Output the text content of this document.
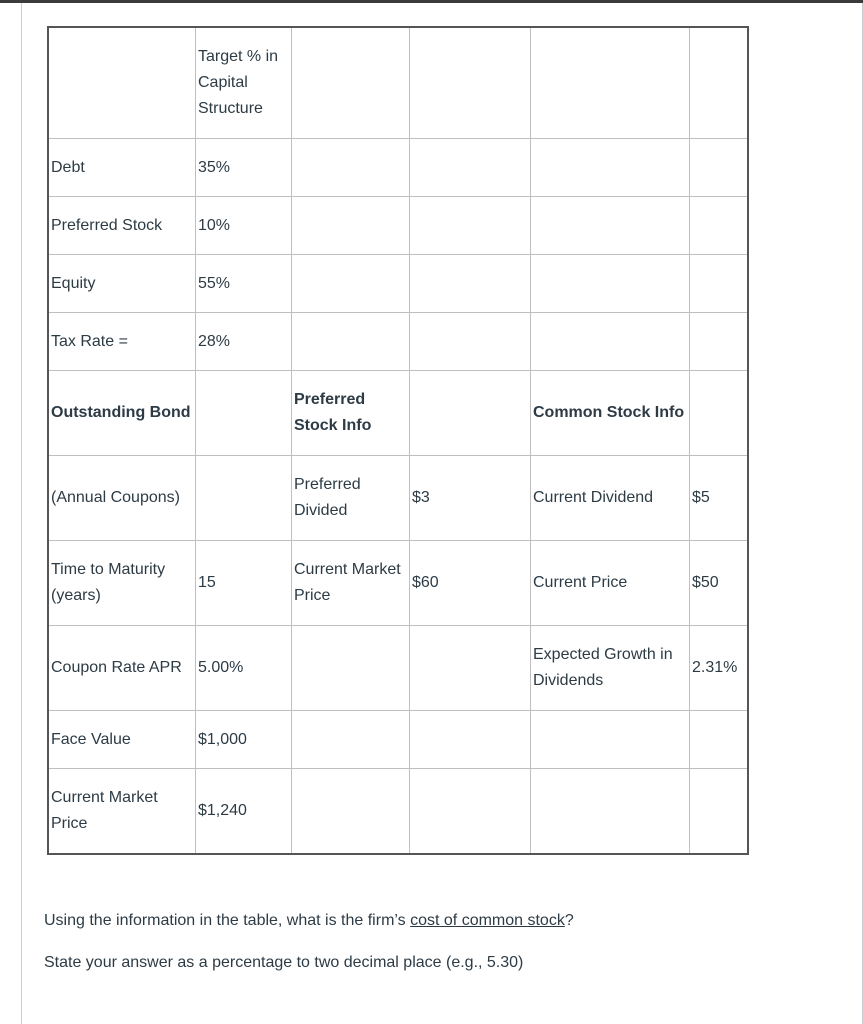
	Target % in Capital Structure				
Debt	35%				
Preferred Stock	10%				
Equity	55%				
Tax Rate =	28%				
Outstanding Bond		Preferred Stock Info		Common Stock Info	
(Annual Coupons)		Preferred Divided	$3	Current Dividend	$5
Time to Maturity (years)	15	Current Market Price	$60	Current Price	$50
Coupon Rate APR	5.00%			Expected Growth in Dividends	2.31%
Face Value	$1,000				
Current Market Price	$1,240				

Using the information in the table, what is the firm’s cost of common stock?

State your answer as a percentage to two decimal place (e.g., 5.30)
